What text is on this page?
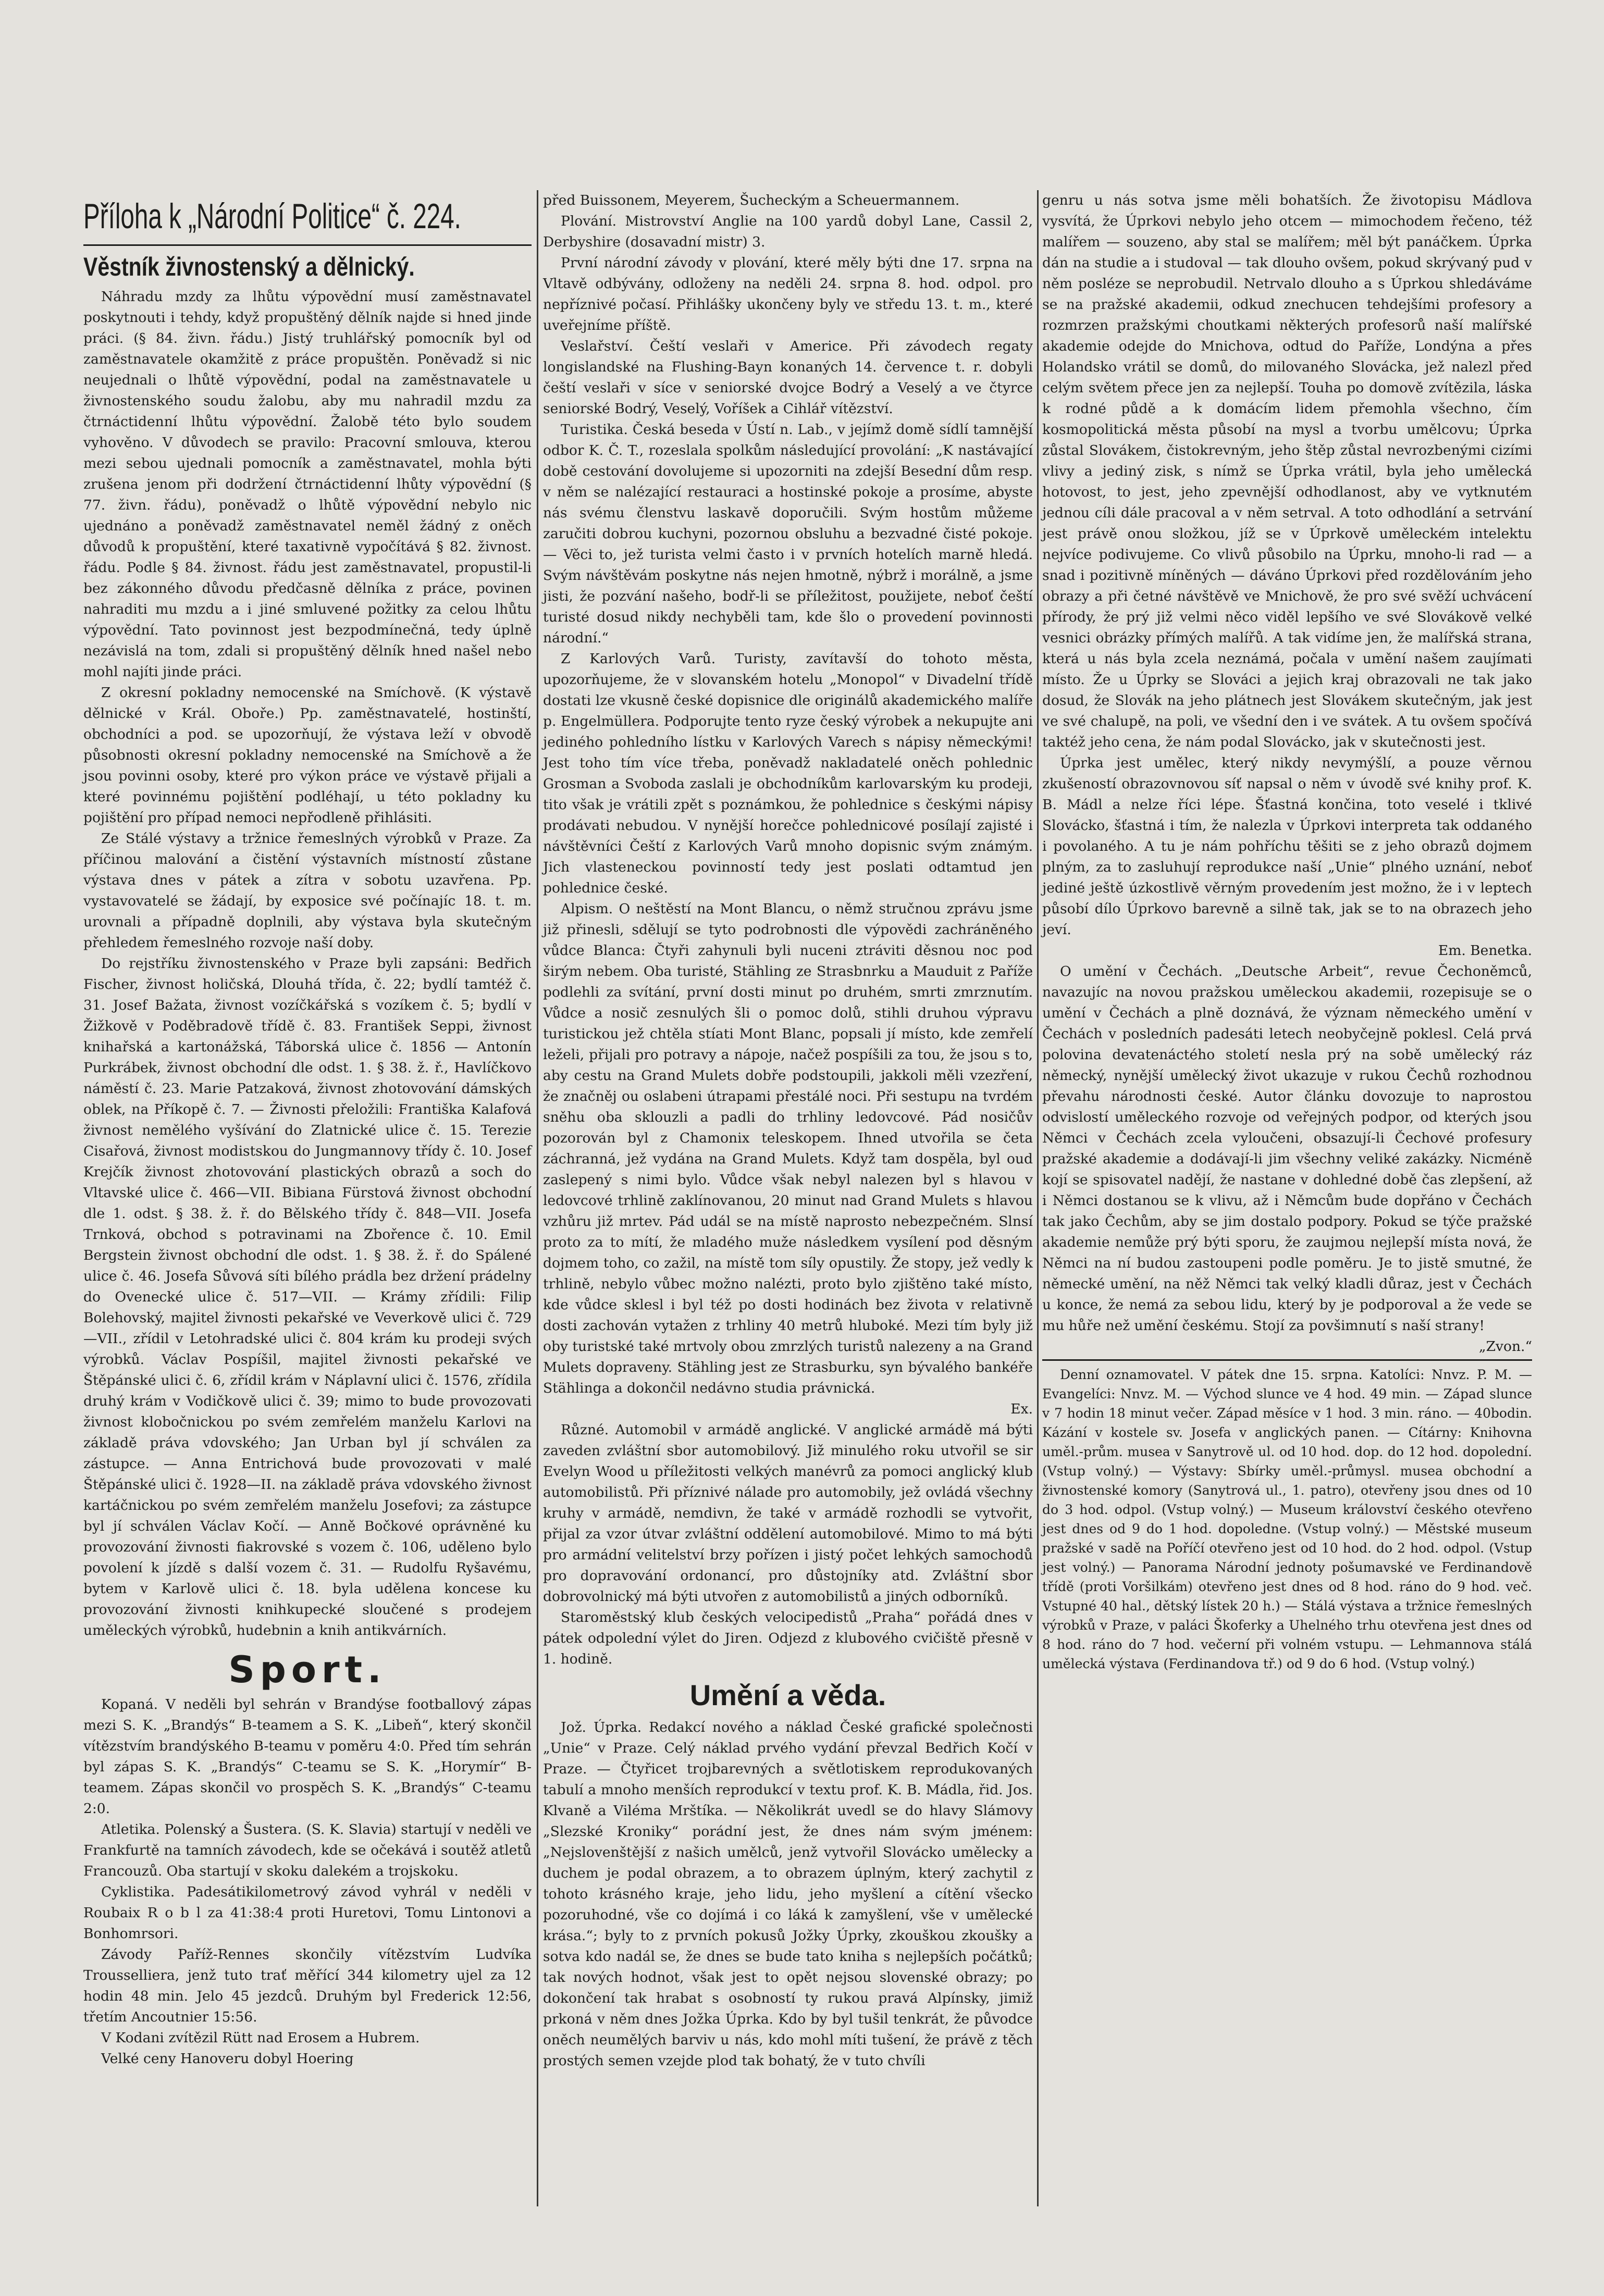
Příloha k „Národní Politice“ č. 224.
Věstník živnostenský a dělnický.

Náhradu mzdy za lhůtu výpovědní musí zaměstnavatel poskytnouti i tehdy, když propuštěný dělník najde si hned jinde práci. (§ 84. živn. řádu.) Jistý truhlářský pomocník byl od zaměstnavatele okamžitě z práce propuštěn. Poněvadž si nic neujednali o lhůtě výpovědní, podal na zaměstnavatele u živnostenského soudu žalobu, aby mu nahradil mzdu za čtrnáctidenní lhůtu výpovědní. Žalobě této bylo soudem vyhověno. V důvodech se pravilo: Pracovní smlouva, kterou mezi sebou ujednali pomocník a zaměstnavatel, mohla býti zrušena jenom při dodržení čtrnáctidenní lhůty výpovědní (§ 77. živn. řádu), poněvadž o lhůtě výpovědní nebylo nic ujednáno a poněvadž zaměstnavatel neměl žádný z oněch důvodů k propuštění, které taxativně vypočítává § 82. živnost. řádu. Podle § 84. živnost. řádu jest zaměstnavatel, propustil-li bez zákonného důvodu předčasně dělníka z práce, povinen nahraditi mu mzdu a i jiné smluvené požitky za celou lhůtu výpovědní. Tato povinnost jest bezpodmínečná, tedy úplně nezávislá na tom, zdali si propuštěný dělník hned našel nebo mohl najíti jinde práci.

Z okresní pokladny nemocenské na Smíchově. (K výstavě dělnické v Král. Oboře.) Pp. zaměstnavatelé, hostinští, obchodníci a pod. se upozorňují, že výstava leží v obvodě působnosti okresní pokladny nemocenské na Smíchově a že jsou povinni osoby, které pro výkon práce ve výstavě přijali a které povinnému pojištění podléhají, u této pokladny ku pojištění pro případ nemoci nepřodleně přihlásiti.

Ze Stálé výstavy a tržnice řemeslných výrobků v Praze. Za příčinou malování a čistění výstavních místností zůstane výstava dnes v pátek a zítra v sobotu uzavřena. Pp. vystavovatelé se žádají, by exposice své počínajíc 18. t. m. urovnali a případně doplnili, aby výstava byla skutečným přehledem řemeslného rozvoje naší doby.

Do rejstříku živnostenského v Praze byli zapsáni: Bedřich Fischer, živnost holičská, Dlouhá třída, č. 22; bydlí tamtéž č. 31. Josef Bažata, živnost vozíčkářská s vozíkem č. 5; bydlí v Žižkově v Poděbradově třídě č. 83. František Seppi, živnost knihařská a kartonážská, Táborská ulice č. 1856 — Antonín Purkrábek, živnost obchodní dle odst. 1. § 38. ž. ř., Havlíčkovo náměstí č. 23. Marie Patzaková, živnost zhotovování dámských oblek, na Příkopě č. 7. — Živnosti přeložili: Františka Kalafová živnost nemělého vyšívání do Zlatnické ulice č. 15. Terezie Cisařová, živnost modistskou do Jungmannovy třídy č. 10. Josef Krejčík živnost zhotovování plastických obrazů a soch do Vltavské ulice č. 466—VII. Bibiana Fürstová živnost obchodní dle 1. odst. § 38. ž. ř. do Bělského třídy č. 848—VII. Josefa Trnková, obchod s potravinami na Zbořence č. 10. Emil Bergstein živnost obchodní dle odst. 1. § 38. ž. ř. do Spálené ulice č. 46. Josefa Sůvová síti bílého prádla bez držení prádelny do Ovenecké ulice č. 517—VII. — Krámy zřídili: Filip Bolehovský, majitel živnosti pekařské ve Veverkově ulici č. 729—VII., zřídil v Letohradské ulici č. 804 krám ku prodeji svých výrobků. Václav Pospíšil, majitel živnosti pekařské ve Štěpánské ulici č. 6, zřídil krám v Náplavní ulici č. 1576, zřídila druhý krám v Vodičkově ulici č. 39; mimo to bude provozovati živnost klobočnickou po svém zemřelém manželu Karlovi na základě práva vdovského; Jan Urban byl jí schválen za zástupce. — Anna Entrichová bude provozovati v malé Štěpánské ulici č. 1928—II. na základě práva vdovského živnost kartáčnickou po svém zemřelém manželu Josefovi; za zástupce byl jí schválen Václav Kočí. — Anně Bočkové oprávněné ku provozování živnosti fiakrovské s vozem č. 106, uděleno bylo povolení k jízdě s další vozem č. 31. — Rudolfu Ryšavému, bytem v Karlově ulici č. 18. byla udělena koncese ku provozování živnosti knihkupecké sloučené s prodejem uměleckých výrobků, hudebnin a knih antikvárních.

Sport.

Kopaná. V neděli byl sehrán v Brandýse footballový zápas mezi S. K. „Brandýs“ B-teamem a S. K. „Libeň“, který skončil vítězstvím brandýského B-teamu v poměru 4:0. Před tím sehrán byl zápas S. K. „Brandýs“ C-teamu se S. K. „Horymír“ B-teamem. Zápas skončil vo prospěch S. K. „Brandýs“ C-teamu 2:0.

Atletika. Polenský a Šustera. (S. K. Slavia) startují v neděli ve Frankfurtě na tamních závodech, kde se očekává i soutěž atletů Francouzů. Oba startují v skoku dalekém a trojskoku.

Cyklistika. Padesátikilometrový závod vyhrál v neděli v Roubaix R o b l za 41:38:4 proti Huretovi, Tomu Lintonovi a Bonhomrsori.

Závody Paříž-Rennes skončily vítězstvím Ludvíka Trousselliera, jenž tuto trať měřící 344 kilometry ujel za 12 hodin 48 min. Jelo 45 jezdců. Druhým byl Frederick 12:56, třetím Ancoutnier 15:56.

V Kodani zvítězil Rütt nad Erosem a Hubrem.

Velké ceny Hanoveru dobyl Hoering

před Buissonem, Meyerem, Šucheckým a Scheuermannem.

Plování. Mistrovství Anglie na 100 yardů dobyl Lane, Cassil 2, Derbyshire (dosavadní mistr) 3.

První národní závody v plování, které měly býti dne 17. srpna na Vltavě odbývány, odloženy na neděli 24. srpna 8. hod. odpol. pro nepříznivé počasí. Přihlášky ukončeny byly ve středu 13. t. m., které uveřejníme příště.

Veslařství. Čeští veslaři v Americe. Při závodech regaty longislandské na Flushing-Bayn konaných 14. července t. r. dobyli čeští veslaři v síce v seniorské dvojce Bodrý a Veselý a ve čtyrce seniorské Bodrý, Veselý, Voříšek a Cihlář vítězství.

Turistika. Česká beseda v Ústí n. Lab., v jejímž domě sídlí tamnější odbor K. Č. T., rozeslala spolkům následující provolání: „K nastávající době cestování dovolujeme si upozorniti na zdejší Besední dům resp. v něm se nalézající restauraci a hostinské pokoje a prosíme, abyste nás svému členstvu laskavě doporučili. Svým hostům můžeme zaručiti dobrou kuchyni, pozornou obsluhu a bezvadné čisté pokoje. — Věci to, jež turista velmi často i v prvních hotelích marně hledá. Svým návštěvám poskytne nás nejen hmotně, nýbrž i morálně, a jsme jisti, že pozvání našeho, bodř-li se příležitost, použijete, neboť čeští turisté dosud nikdy nechyběli tam, kde šlo o provedení povinnosti národní.“

Z Karlových Varů. Turisty, zavítavší do tohoto města, upozorňujeme, že v slovanském hotelu „Monopol“ v Divadelní třídě dostati lze vkusně české dopisnice dle originálů akademického malíře p. Engelmüllera. Podporujte tento ryze český výrobek a nekupujte ani jediného pohledního lístku v Karlových Varech s nápisy německými! Jest toho tím více třeba, poněvadž nakladatelé oněch pohlednic Grosman a Svoboda zaslali je obchodníkům karlovarským ku prodeji, tito však je vrátili zpět s poznámkou, že pohlednice s českými nápisy prodávati nebudou. V nynější horečce pohlednicové posílají zajisté i návštěvníci Čeští z Karlových Varů mnoho dopisnic svým známým. Jich vlasteneckou povinností tedy jest poslati odtamtud jen pohlednice české.

Alpism. O neštěstí na Mont Blancu, o němž stručnou zprávu jsme již přinesli, sdělují se tyto podrobnosti dle výpovědi zachráněného vůdce Blanca: Čtyři zahynuli byli nuceni ztráviti děsnou noc pod širým nebem. Oba turisté, Stähling ze Strasbnrku a Mauduit z Paříže podlehli za svítání, první dosti minut po druhém, smrti zmrznutím. Vůdce a nosič zesnulých šli o pomoc dolů, stihli druhou výpravu turistickou jež chtěla stíati Mont Blanc, popsali jí místo, kde zemřelí leželi, přijali pro potravy a nápoje, načež pospíšili za tou, že jsou s to, aby cestu na Grand Mulets dobře podstoupili, jakkoli měli vzezření, že značněj ou oslabeni útrapami přestálé noci. Při sestupu na tvrdém sněhu oba sklouzli a padli do trhliny ledovcové. Pád nosičův pozorován byl z Chamonix teleskopem. Ihned utvořila se četa záchranná, jež vydána na Grand Mulets. Když tam dospěla, byl oud zaslepený s nimi bylo. Vůdce však nebyl nalezen byl s hlavou v ledovcové trhlině zaklínovanou, 20 minut nad Grand Mulets s hlavou vzhůru již mrtev. Pád udál se na místě naprosto nebezpečném. Slnsí proto za to mítí, že mladého muže následkem vysílení pod děsným dojmem toho, co zažil, na místě tom síly opustily. Že stopy, jež vedly k trhlině, nebylo vůbec možno nalézti, proto bylo zjištěno také místo, kde vůdce sklesl i byl též po dosti hodinách bez života v relativně dosti zachován vytažen z trhliny 40 metrů hluboké. Mezi tím byly již oby turistské také mrtvoly obou zmrzlých turistů nalezeny a na Grand Mulets dopraveny. Stähling jest ze Strasburku, syn bývalého bankéře Stählinga a dokončil nedávno studia právnická.

Ex.

Různé. Automobil v armádě anglické. V anglické armádě má býti zaveden zvláštní sbor automobilový. Již minulého roku utvořil se sir Evelyn Wood u příležitosti velkých manévrů za pomoci anglický klub automobilistů. Při příznivé nálade pro automobily, jež ovládá všechny kruhy v armádě, nemdivn, že také v armádě rozhodli se vytvořit, přijal za vzor útvar zvláštní oddělení automobilové. Mimo to má býti pro armádní velitelství brzy pořízen i jistý počet lehkých samochodů pro dopravování ordonancí, pro důstojníky atd. Zvláštní sbor dobrovolnický má býti utvořen z automobilistů a jiných odborníků.

Staroměstský klub českých velocipedistů „Praha“ pořádá dnes v pátek odpolední výlet do Jiren. Odjezd z klubového cvičiště přesně v 1. hodině.

Umění a věda.

Jož. Úprka. Redakcí nového a náklad České grafické společnosti „Unie“ v Praze. Celý náklad prvého vydání převzal Bedřich Kočí v Praze. — Čtyřicet trojbarevných a světlotiskem reprodukovaných tabulí a mnoho menších reprodukcí v textu prof. K. B. Mádla, řid. Jos. Klvaně a Viléma Mrštíka. — Několikrát uvedl se do hlavy Slámovy „Slezské Kroniky“ porádní jest, že dnes nám svým jménem: „Nejslovenštější z našich umělců, jenž vytvořil Slovácko umělecky a duchem je podal obrazem, a to obrazem úplným, který zachytil z tohoto krásného kraje, jeho lidu, jeho myšlení a cítění všecko pozoruhodné, vše co dojímá i co láká k zamyšlení, vše v umělecké krása.“; byly to z prvních pokusů Jožky Úprky, zkouškou zkoušky a sotva kdo nadál se, že dnes se bude tato kniha s nejlepších počátků; tak nových hodnot, však jest to opět nejsou slovenské obrazy; po dokončení tak hrabat s osobností ty rukou pravá Alpínsky, jimiž prkoná v něm dnes Jožka Úprka. Kdo by byl tušil tenkrát, že původce oněch neumělých barviv u nás, kdo mohl míti tušení, že právě z těch prostých semen vzejde plod tak bohatý, že v tuto chvíli

genru u nás sotva jsme měli bohatších. Že životopisu Mádlova vysvítá, že Úprkovi nebylo jeho otcem — mimochodem řečeno, též malířem — souzeno, aby stal se malířem; měl být panáčkem. Úprka dán na studie a i studoval — tak dlouho ovšem, pokud skrývaný pud v něm posléze se neprobudil. Netrvalo dlouho a s Úprkou shledáváme se na pražské akademii, odkud znechucen tehdejšími profesory a rozmrzen pražskými choutkami některých profesorů naší malířské akademie odejde do Mnichova, odtud do Paříže, Londýna a přes Holandsko vrátil se domů, do milovaného Slovácka, jež nalezl před celým světem přece jen za nejlepší. Touha po domově zvítězila, láska k rodné půdě a k domácím lidem přemohla všechno, čím kosmopolitická města působí na mysl a tvorbu umělcovu; Úprka zůstal Slovákem, čistokrevným, jeho štěp zůstal nevrozbenými cizími vlivy a jediný zisk, s nímž se Úprka vrátil, byla jeho umělecká hotovost, to jest, jeho zpevnější odhodlanost, aby ve vytknutém jednou cíli dále pracoval a v něm setrval. A toto odhodlání a setrvání jest právě onou složkou, jíž se v Úprkově uměleckém intelektu nejvíce podivujeme. Co vlivů působilo na Úprku, mnoho-li rad — a snad i pozitivně míněných — dáváno Úprkovi před rozdělováním jeho obrazy a při četné návštěvě ve Mnichově, že pro své svěží uchvácení přírody, že prý již velmi něco viděl lepšího ve své Slovákově velké vesnici obrázky přímých malířů. A tak vidíme jen, že malířská strana, která u nás byla zcela neznámá, počala v umění našem zaujímati místo. Že u Úprky se Slováci a jejich kraj obrazovali ne tak jako dosud, že Slovák na jeho plátnech jest Slovákem skutečným, jak jest ve své chalupě, na poli, ve všední den i ve svátek. A tu ovšem spočívá taktéž jeho cena, že nám podal Slovácko, jak v skutečnosti jest.

Úprka jest umělec, který nikdy nevymýšlí, a pouze věrnou zkušeností obrazovnovou síť napsal o něm v úvodě své knihy prof. K. B. Mádl a nelze říci lépe. Šťastná končina, toto veselé i tklivé Slovácko, šťastná i tím, že nalezla v Úprkovi interpreta tak oddaného i povolaného. A tu je nám pohříchu těšiti se z jeho obrazů dojmem plným, za to zasluhují reprodukce naší „Unie“ plného uznání, neboť jediné ještě úzkostlivě věrným provedením jest možno, že i v leptech působí dílo Úprkovo barevně a silně tak, jak se to na obrazech jeho jeví.

Em. Benetka.

O umění v Čechách. „Deutsche Arbeit“, revue Čechoněmců, navazujíc na novou pražskou uměleckou akademii, rozepisuje se o umění v Čechách a plně doznává, že význam německého umění v Čechách v posledních padesáti letech neobyčejně poklesl. Celá prvá polovina devatenáctého století nesla prý na sobě umělecký ráz německý, nynější umělecký život ukazuje v rukou Čechů rozhodnou převahu národnosti české. Autor článku dovozuje to naprostou odvislostí uměleckého rozvoje od veřejných podpor, od kterých jsou Němci v Čechách zcela vyloučeni, obsazují-li Čechové profesury pražské akademie a dodávají-li jim všechny veliké zakázky. Nicméně kojí se spisovatel nadějí, že nastane v dohledné době čas zlepšení, až i Němci dostanou se k vlivu, až i Němcům bude dopřáno v Čechách tak jako Čechům, aby se jim dostalo podpory. Pokud se týče pražské akademie nemůže prý býti sporu, že zaujmou nejlepší místa nová, že Němci na ní budou zastoupeni podle poměru. Je to jistě smutné, že německé umění, na něž Němci tak velký kladli důraz, jest v Čechách u konce, že nemá za sebou lidu, který by je podporoval a že vede se mu hůře než umění českému. Stojí za povšimnutí s naší strany!

„Zvon.“

Denní oznamovatel. V pátek dne 15. srpna. Katolíci: Nnvz. P. M. — Evangelíci: Nnvz. M. — Východ slunce ve 4 hod. 49 min. — Západ slunce v 7 hodin 18 minut večer. Západ měsíce v 1 hod. 3 min. ráno. — 40bodin. Kázání v kostele sv. Josefa v anglických panen. — Cítárny: Knihovna uměl.-prům. musea v Sanytrově ul. od 10 hod. dop. do 12 hod. dopolední. (Vstup volný.) — Výstavy: Sbírky uměl.-průmysl. musea obchodní a živnostenské komory (Sanytrová ul., 1. patro), otevřeny jsou dnes od 10 do 3 hod. odpol. (Vstup volný.) — Museum království českého otevřeno jest dnes od 9 do 1 hod. dopoledne. (Vstup volný.) — Městské museum pražské v sadě na Poříčí otevřeno jest od 10 hod. do 2 hod. odpol. (Vstup jest volný.) — Panorama Národní jednoty pošumavské ve Ferdinandově třídě (proti Voršilkám) otevřeno jest dnes od 8 hod. ráno do 9 hod. več. Vstupné 40 hal., dětský lístek 20 h.) — Stálá výstava a tržnice řemeslných výrobků v Praze, v paláci Škoferky a Uhelného trhu otevřena jest dnes od 8 hod. ráno do 7 hod. večerní při volném vstupu. — Lehmannova stálá umělecká výstava (Ferdinandova tř.) od 9 do 6 hod. (Vstup volný.)
